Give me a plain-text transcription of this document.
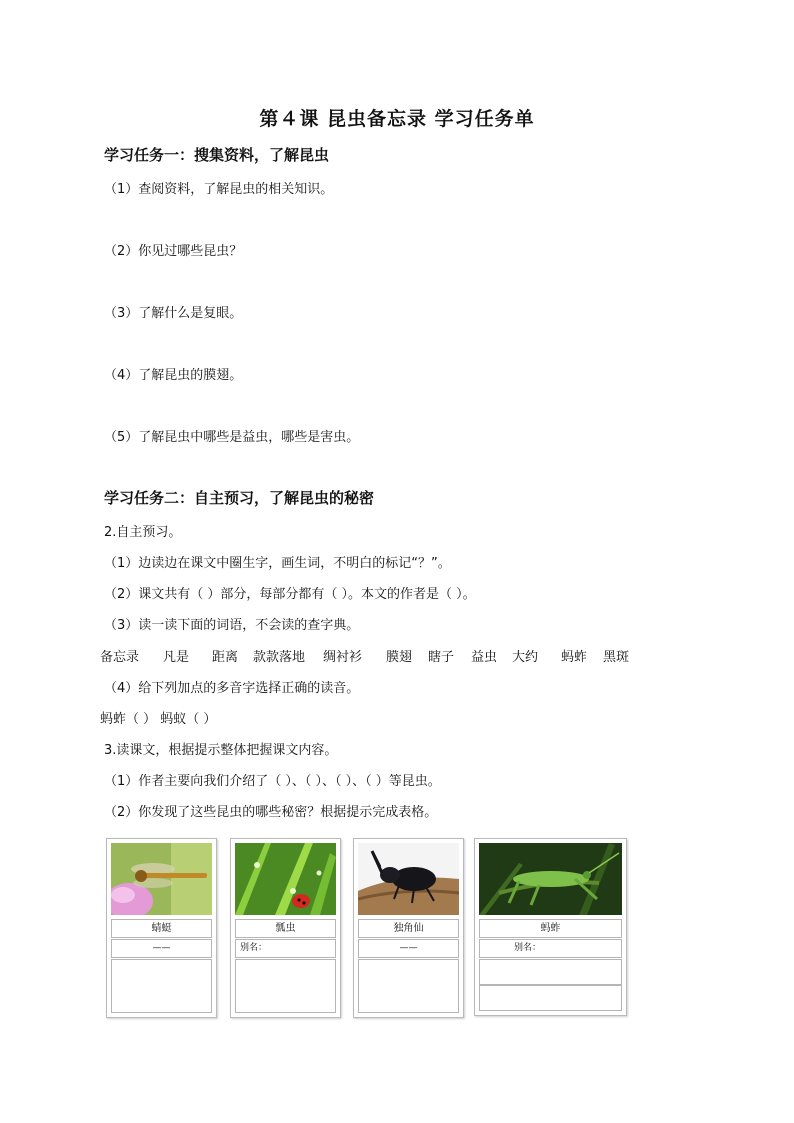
第４课 昆虫备忘录 学习任务单
学习任务一：搜集资料，了解昆虫
（1）查阅资料，了解昆虫的相关知识。
（2）你见过哪些昆虫？
（3）了解什么是复眼。
（4）了解昆虫的膜翅。
（5）了解昆虫中哪些是益虫，哪些是害虫。
学习任务二：自主预习，了解昆虫的秘密
2.自主预习。
（1）边读边在课文中圈生字，画生词，不明白的标记“？”。
（2）课文共有（ ）部分，每部分都有（ ）。本文的作者是（ ）。
（3）读一读下面的词语，不会读的查字典。
备忘录 凡是 距离 款款落地 绸衬衫 膜翅 瞎子 益虫 大约 蚂蚱 黑斑
（4）给下列加点的多音字选择正确的读音。
蚂蚱（ ） 蚂蚁（ ）
3.读课文，根据提示整体把握课文内容。
（1）作者主要向我们介绍了（ ）、（ ）、（ ）、（ ）等昆虫。
（2）你发现了这些昆虫的哪些秘密？根据提示完成表格。
蜻蜓
——
瓢虫
别名：
独角仙
——
蚂蚱
别名：
